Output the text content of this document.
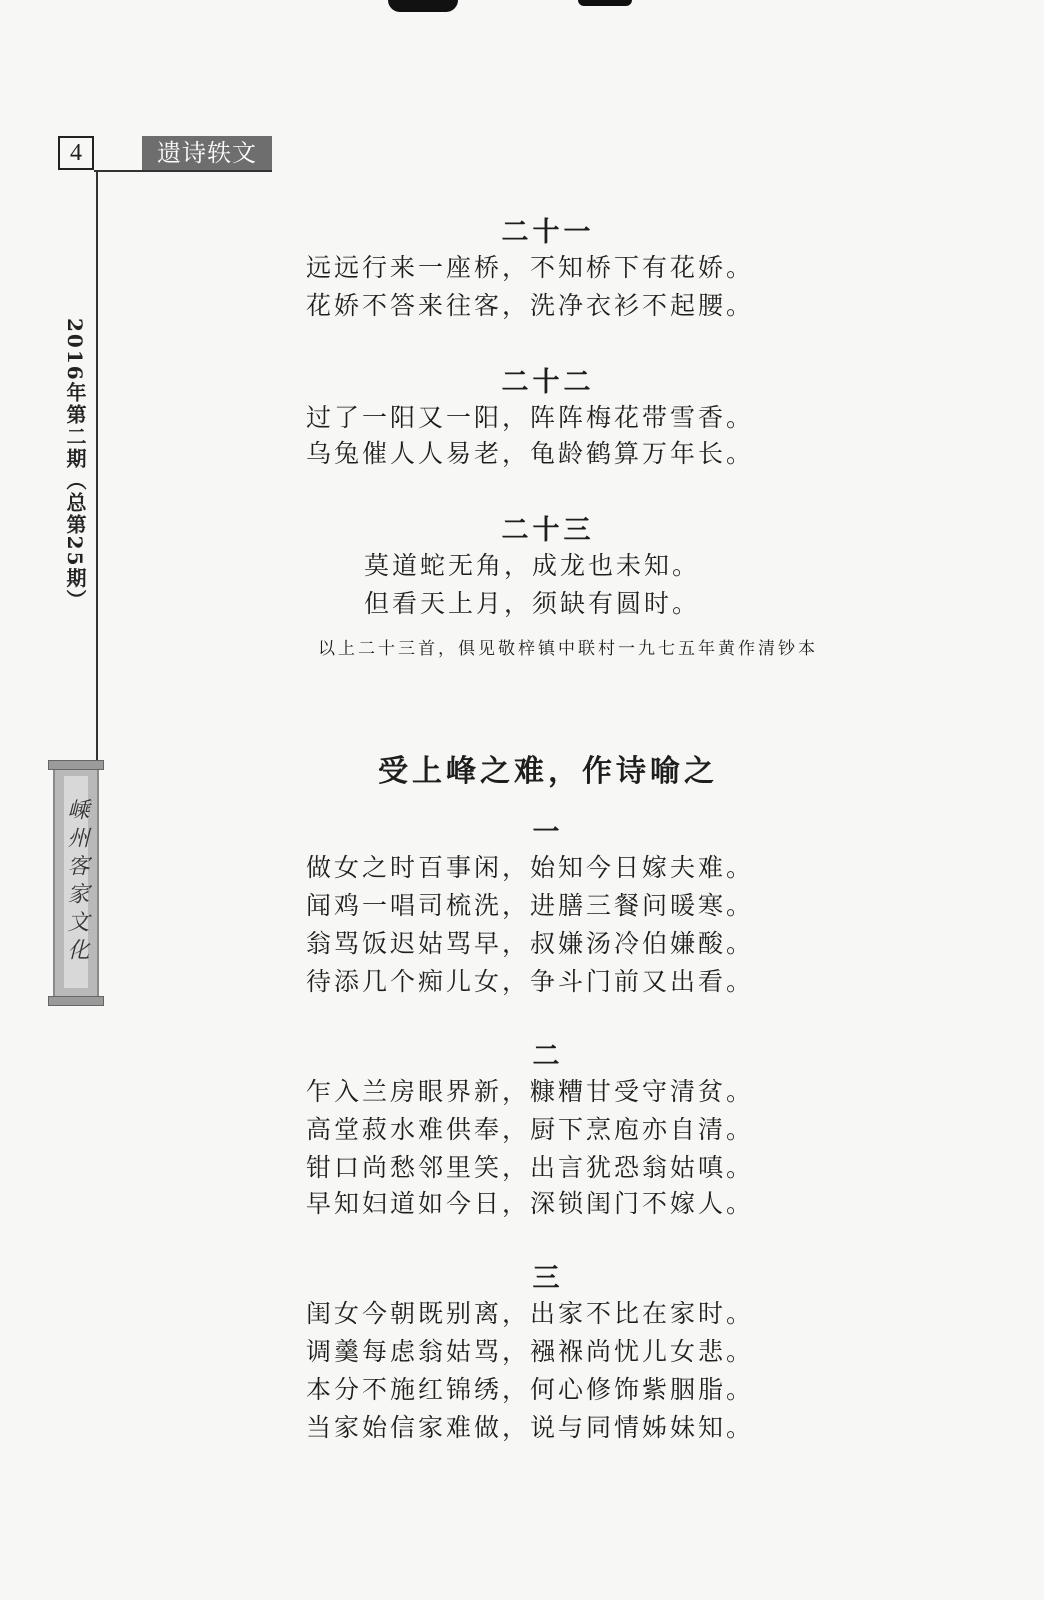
4	遗诗轶文
2016年第二期（总第25期）
嵊州客家文化
二十一
远远行来一座桥，不知桥下有花娇。
花娇不答来往客，洗净衣衫不起腰。
二十二
过了一阳又一阳，阵阵梅花带雪香。
乌兔催人人易老，龟龄鹤算万年长。
二十三
莫道蛇无角，成龙也未知。
但看天上月，须缺有圆时。
以上二十三首，俱见敬梓镇中联村一九七五年黄作清钞本
受上峰之难，作诗喻之
一
做女之时百事闲，始知今日嫁夫难。
闻鸡一唱司梳洗，进膳三餐问暖寒。
翁骂饭迟姑骂早，叔嫌汤冷伯嫌酸。
待添几个痴儿女，争斗门前又出看。
二
乍入兰房眼界新，糠糟甘受守清贫。
高堂菽水难供奉，厨下烹庖亦自清。
钳口尚愁邻里笑，出言犹恐翁姑嗔。
早知妇道如今日，深锁闺门不嫁人。
三
闺女今朝既别离，出家不比在家时。
调羹每虑翁姑骂，襁褓尚忧儿女悲。
本分不施红锦绣，何心修饰紫胭脂。
当家始信家难做，说与同情姊妹知。
